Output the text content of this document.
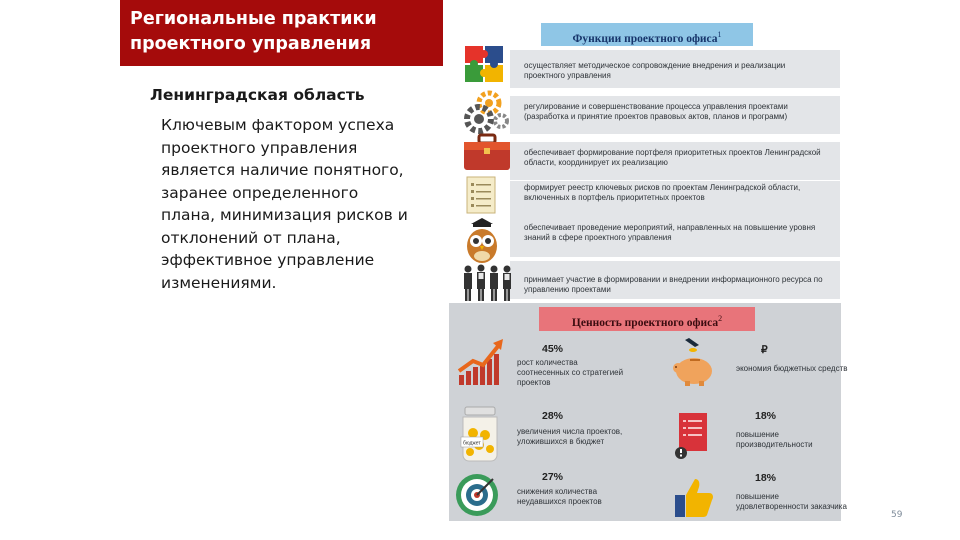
Региональные практики проектного управления
Ленинградская область
Ключевым фактором успеха проектного управления является наличие понятного, заранее определенного плана, минимизация рисков и отклонений от плана, эффективное управление изменениями.
Функции проектного офиса$^1$
осуществляет методическое сопровождение внедрения и реализации проектного управления
регулирование и совершенствование процесса управления проектами (разработка и принятие проектов правовых актов, планов и программ)
обеспечивает формирование портфеля приоритетных проектов Ленинградской области, координирует их реализацию
формирует реестр ключевых рисков по проектам Ленинградской области, включенных в портфель приоритетных проектов
обеспечивает проведение мероприятий, направленных на повышение уровня знаний в сфере проектного управления
принимает участие в формировании и внедрении информационного ресурса по управлению проектами
Ценность проектного офиса$^2$
45%
рост количества соотнесенных со стратегией проектов
₽
экономия бюджетных средств
бюджет
28%
увеличения числа проектов, уложившихся в бюджет
18%
повышение производительности
27%
снижения количества неудавшихся проектов
18%
повышение удовлетворенности заказчика
59
